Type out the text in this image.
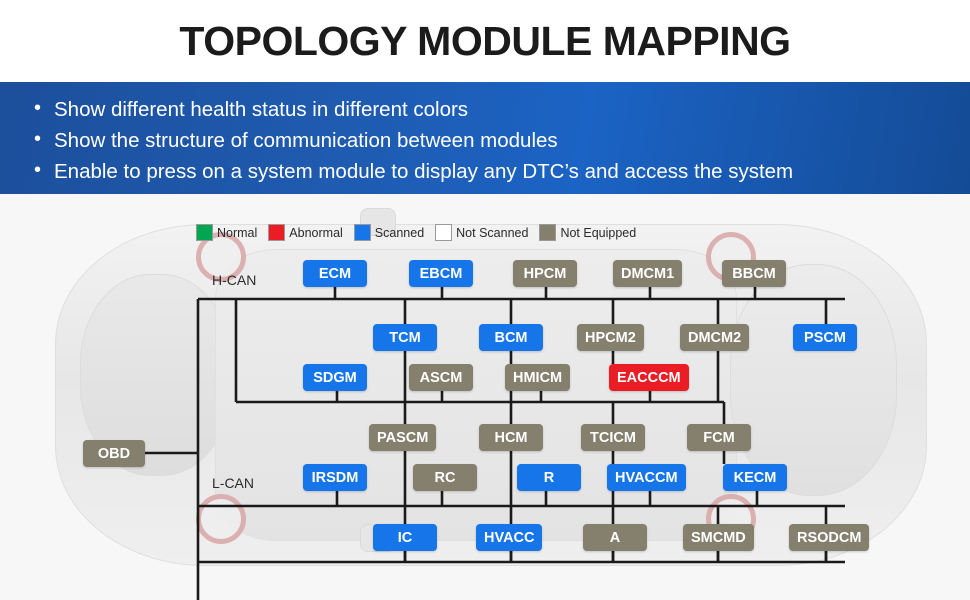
TOPOLOGY MODULE MAPPING
• Show different health status in different colors
• Show the structure of communication between modules
• Enable to press on a system module to display any DTC’s and access the system
Normal	Abnormal	Scanned	Not Scanned	Not Equipped
H-CAN
L-CAN
OBD
ECM	EBCM	HPCM	DMCM1	BBCM
TCM	BCM	HPCM2	DMCM2	PSCM
SDGM	ASCM	HMICM	EACCCM
PASCM	HCM	TCICM	FCM
IRSDM	RC	R	HVACCM	KECM
IC	HVACC	A	SMCMD	RSODCM
